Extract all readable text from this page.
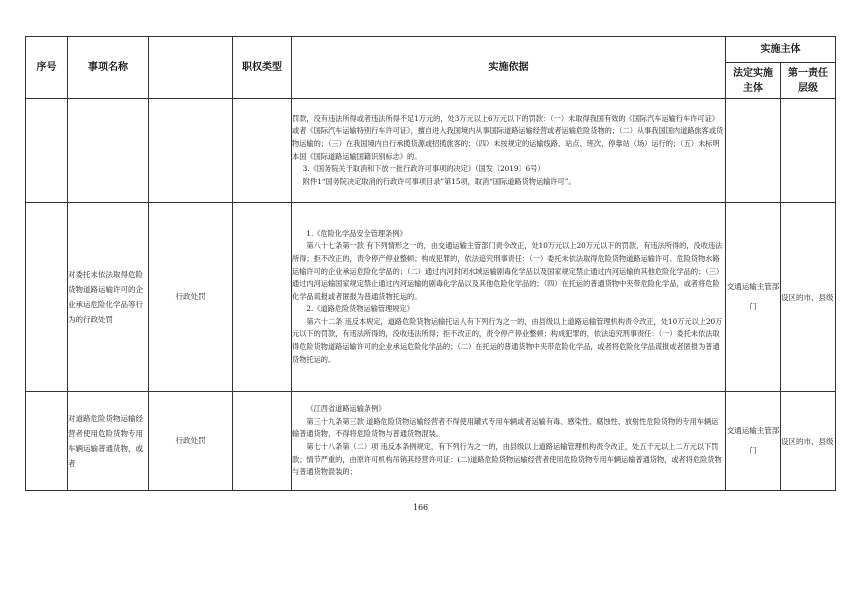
序号	事项名称		职权类型	实施依据	实施主体	
					法定实施主体	第一责任层级

				罚款，没有违法所得或者违法所得不足1万元的，处3万元以上6万元以下的罚款：（一）未取得我国有效的《国际汽车运输行车许可证》或者《国际汽车运输特别行车许可证》，擅自进入我国境内从事国际道路运输经营或者运输危险货物的；（二）从事我国国内道路旅客或货物运输的；（三）在我国境内自行承揽货源或招揽旅客的；（四）未按规定的运输线路、站点、班次、停靠站（场）运行的；（五）未标明本国《国际道路运输国籍识别标志》的。

3.《国务院关于取消和下放一批行政许可事项的决定》（国发〔2019〕6号）

附件1“国务院决定取消的行政许可事项目录”第15项，取消“国际道路货物运输许可”。		

	对委托未依法取得危险货物道路运输许可的企业承运危险化学品等行为的行政处罚	行政处罚		1.《危险化学品安全管理条例》

第八十七条第一款 有下列情形之一的，由交通运输主管部门责令改正，处10万元以上20万元以下的罚款，有违法所得的，没收违法所得；拒不改正的，责令停产停业整顿；构成犯罪的，依法追究刑事责任：（一）委托未依法取得危险货物道路运输许可、危险货物水路运输许可的企业承运危险化学品的；（二）通过内河封闭水域运输剧毒化学品以及国家规定禁止通过内河运输的其他危险化学品的；（三）通过内河运输国家规定禁止通过内河运输的剧毒化学品以及其他危险化学品的；（四）在托运的普通货物中夹带危险化学品，或者将危险化学品谎报或者匿报为普通货物托运的。

2.《道路危险货物运输管理规定》

第六十二条 违反本规定，道路危险货物运输托运人有下列行为之一的，由县级以上道路运输管理机构责令改正，处10万元以上20万元以下的罚款，有违法所得的，没收违法所得；拒不改正的，责令停产停业整顿；构成犯罪的，依法追究刑事责任：（一）委托未依法取得危险货物道路运输许可的企业承运危险化学品的；（二）在托运的普通货物中夹带危险化学品，或者将危险化学品谎报或者匿报为普通货物托运的。	交通运输主管部门	设区的市、县级
	对道路危险货物运输经营者使用危险货物专用车辆运输普通货物，或者	行政处罚		《江西省道路运输条例》

第三十九条第三款 道路危险货物运输经营者不得使用罐式专用车辆或者运输有毒、感染性、腐蚀性、放射性危险货物的专用车辆运输普通货物，不得将危险货物与普通货物混装。

第七十八条第（二）项 违反本条例规定，有下列行为之一的，由县级以上道路运输管理机构责令改正，处五千元以上二万元以下罚款；情节严重的，由原许可机构吊销其经营许可证：(二)道路危险货物运输经营者使用危险货物专用车辆运输普通货物，或者将危险货物与普通货物混装的；	交通运输主管部门	设区的市、县级
166
